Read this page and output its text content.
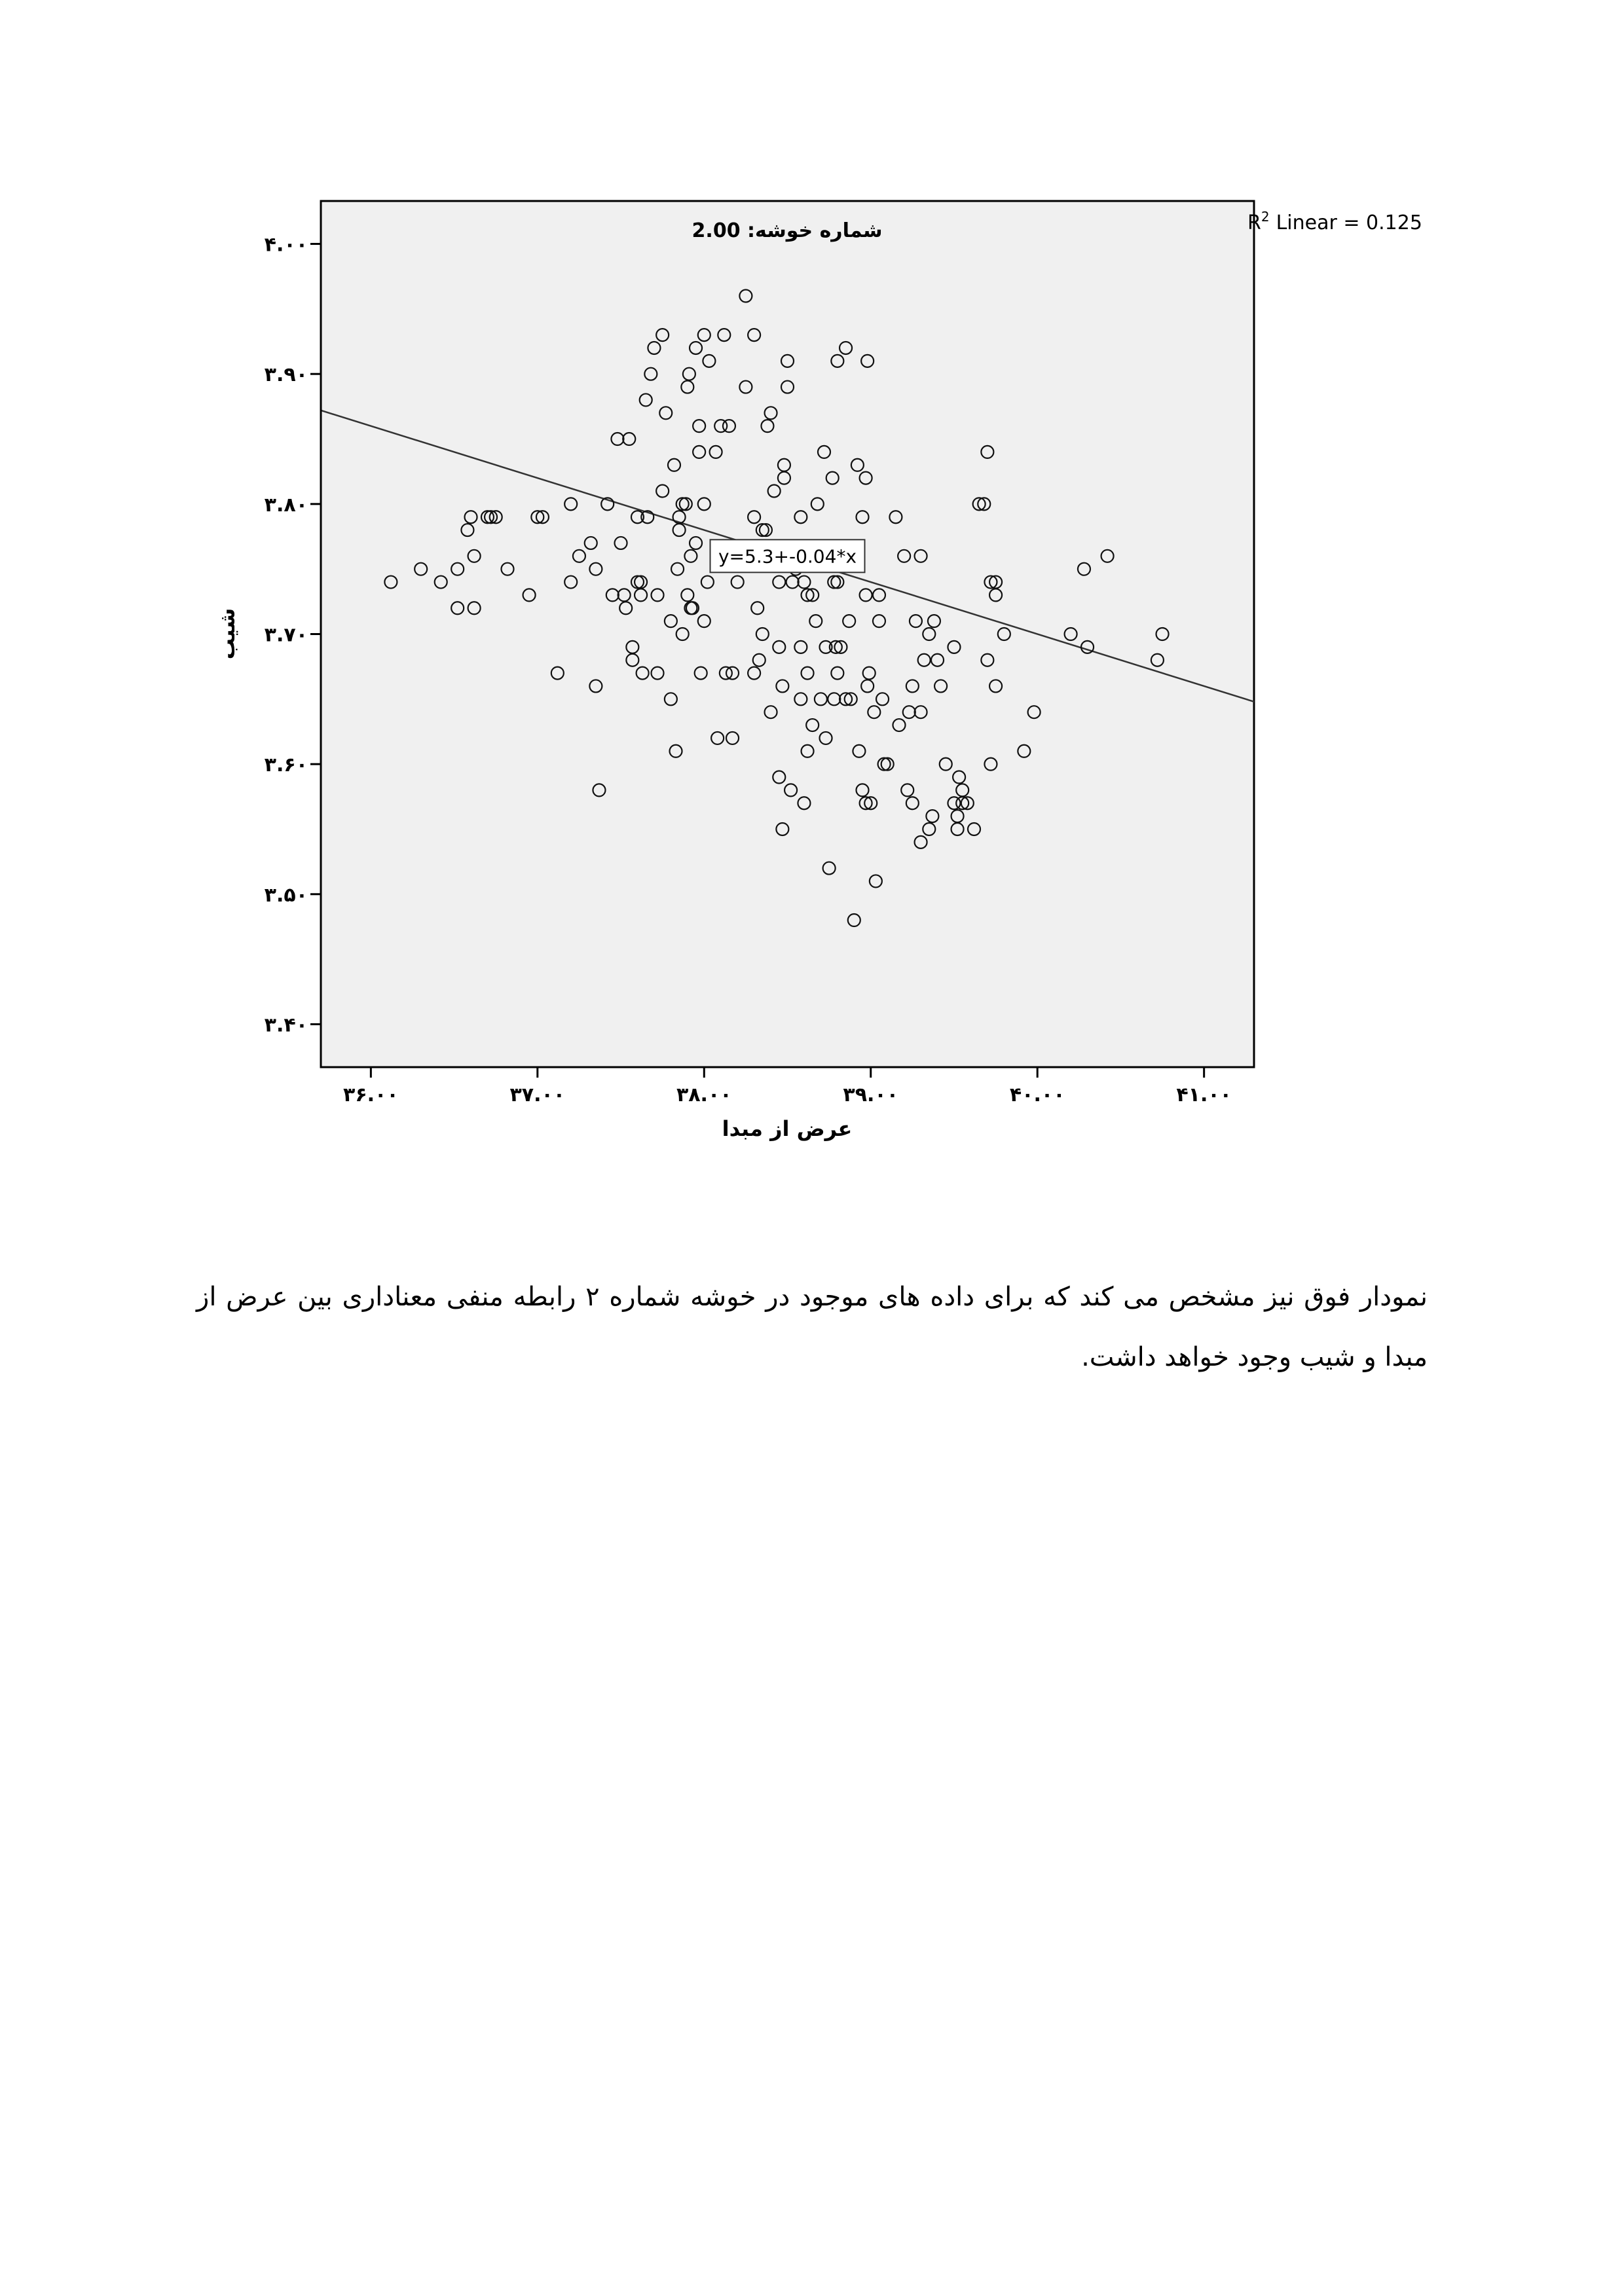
y=5.3+-0.04*x
۳۶.۰۰	۳۷.۰۰	۳۸.۰۰	۳۹.۰۰	۴۰.۰۰	۴۱.۰۰
۳.۴۰
۳.۵۰
۳.۶۰
۳.۷۰
۳.۸۰
۳.۹۰
۴.۰۰
شماره خوشه: 2.00
عرض از مبدا
شیب
$R^2$ Linear = 0.125
نمودار فوق نیز مشخص می کند که برای داده های موجود در خوشه شماره ۲ رابطه منفی معناداری بین عرض از مبدا و شیب وجود خواهد داشت.
